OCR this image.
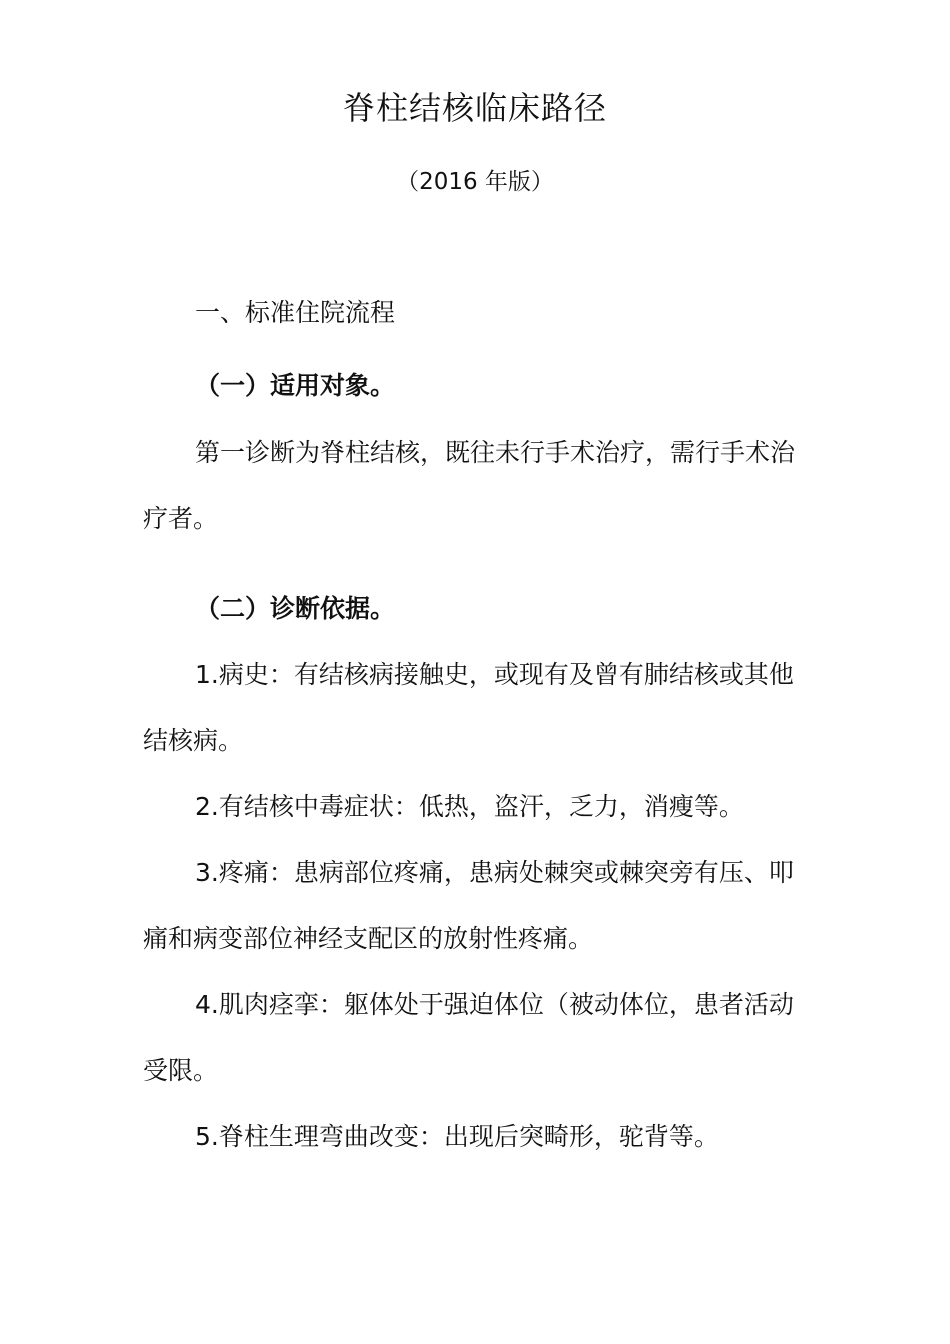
脊柱结核临床路径
（2016 年版）
一、标准住院流程
（一）适用对象。
第一诊断为脊柱结核，既往未行手术治疗，需行手术治
疗者。
（二）诊断依据。
1.病史：有结核病接触史，或现有及曾有肺结核或其他
结核病。
2.有结核中毒症状：低热，盗汗，乏力，消瘦等。
3.疼痛：患病部位疼痛，患病处棘突或棘突旁有压、叩
痛和病变部位神经支配区的放射性疼痛。
4.肌肉痉挛：躯体处于强迫体位（被动体位，患者活动
受限。
5.脊柱生理弯曲改变：出现后突畸形，驼背等。
